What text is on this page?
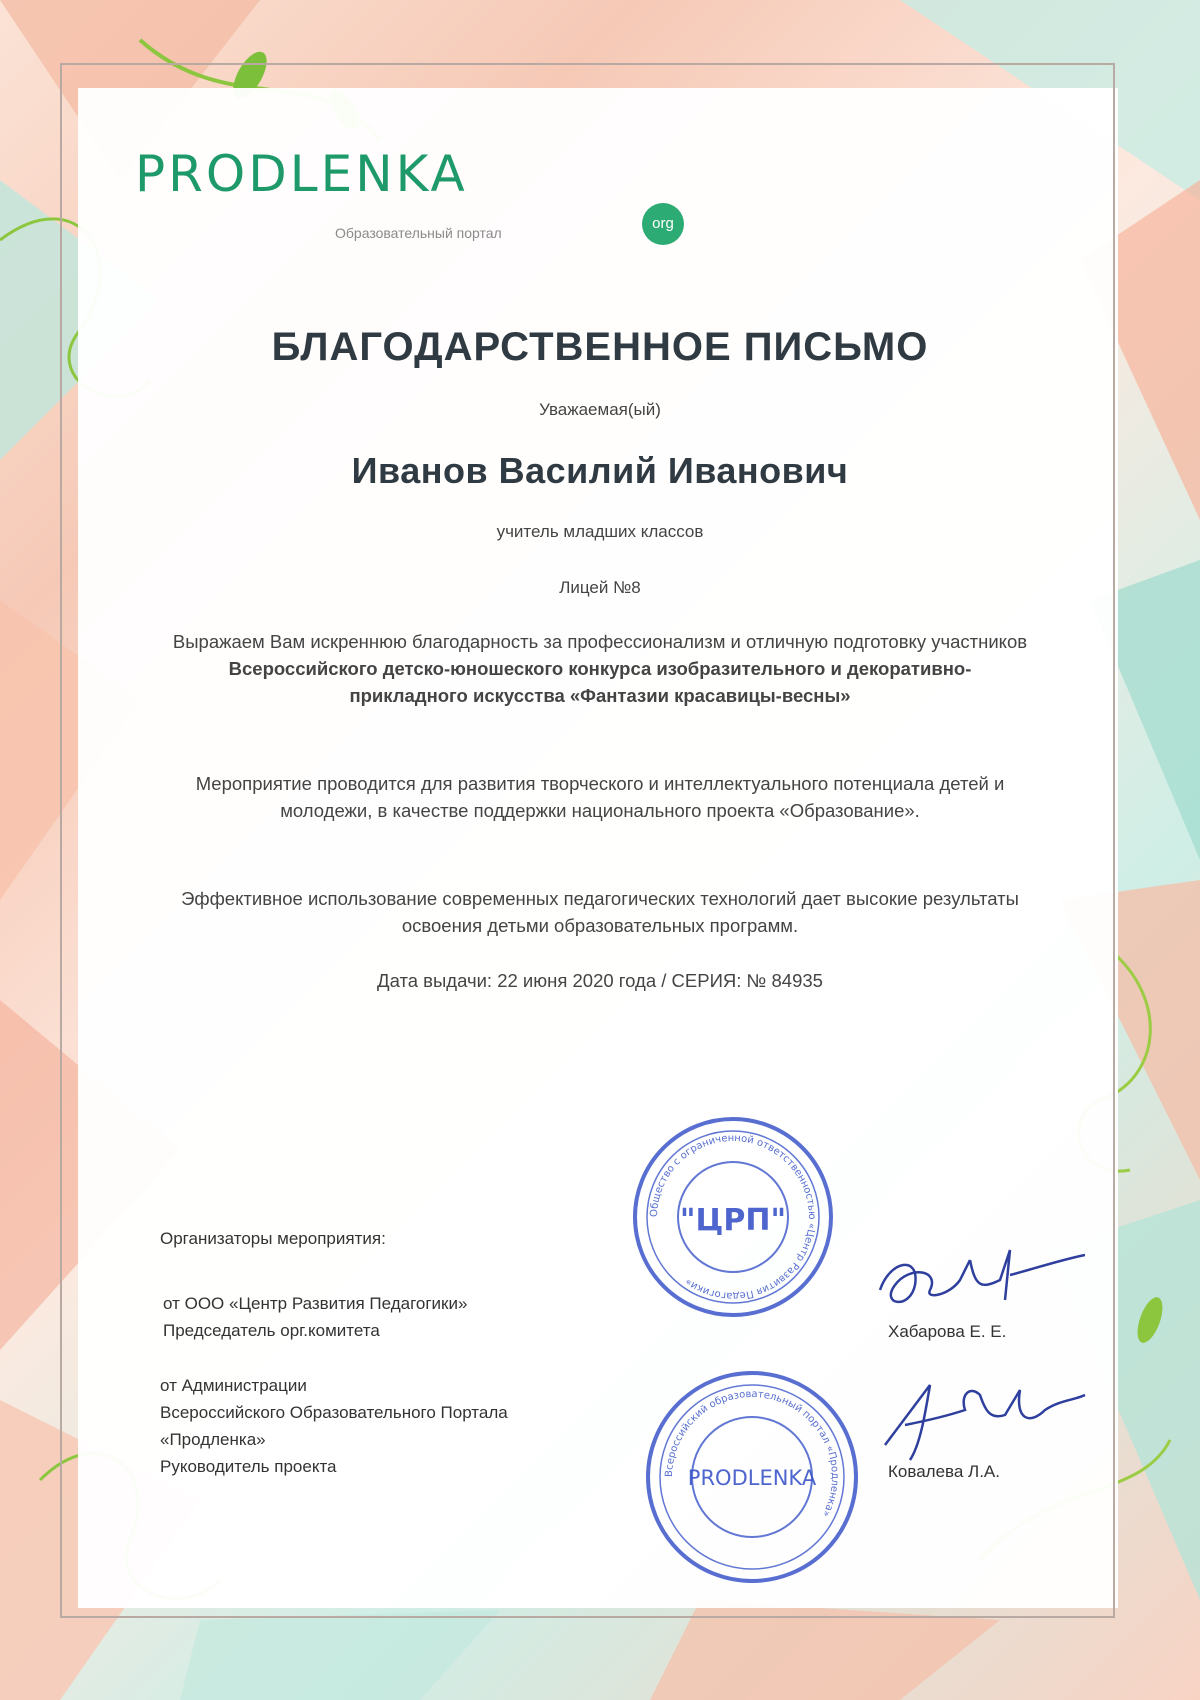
PRODLENKA
org
Образовательный портал
БЛАГОДАРСТВЕННОЕ ПИСЬМО
Уважаемая(ый)
Иванов Василий Иванович
учитель младших классов
Лицей №8
Выражаем Вам искреннюю благодарность за профессионализм и отличную подготовку участников Всероссийского детско-юношеского конкурса изобразительного и декоративно-прикладного искусства «Фантазии красавицы-весны»
Мероприятие проводится для развития творческого и интеллектуального потенциала детей и молодежи, в качестве поддержки национального проекта «Образование».
Эффективное использование современных педагогических технологий дает высокие результаты освоения детьми образовательных программ.
Дата выдачи: 22 июня 2020 года / СЕРИЯ: № 84935
Организаторы мероприятия:
от ООО «Центр Развития Педагогики»
Председатель орг.комитета	Хабарова Е. Е.
от Администрации
Всероссийского Образовательного Портала
«Продленка»
Руководитель проекта	Ковалева Л.А.
Общество с ограниченной ответственностью «Центр Развития Педагогики»
"ЦРП"
Всероссийский образовательный портал «Продленка»
PRODLENKA
